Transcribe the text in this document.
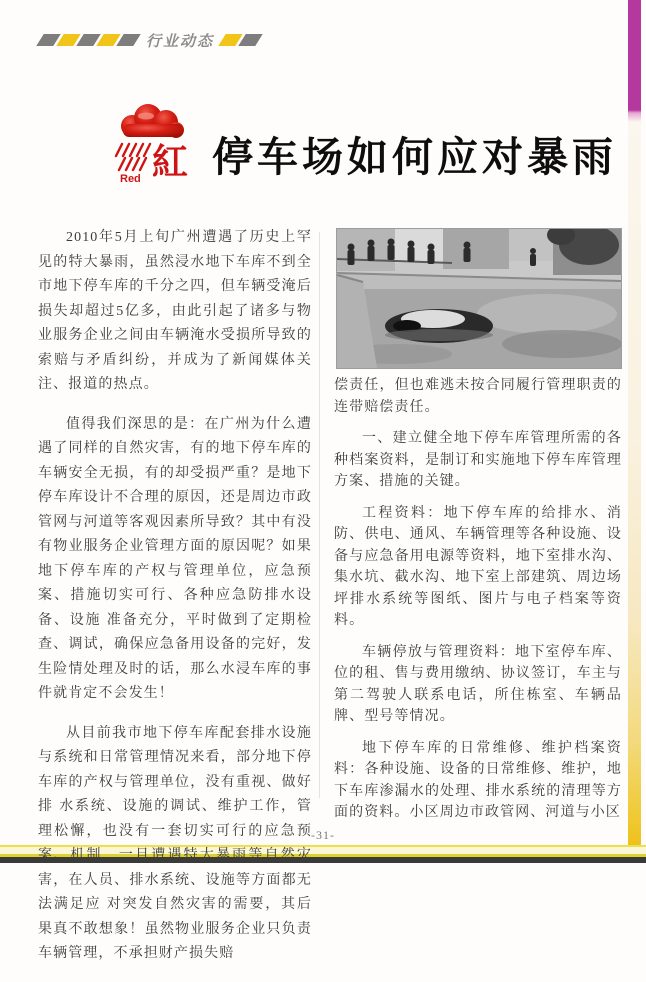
行业动态
紅
Red 停车场如何应对暴雨

2010年5月上旬广州遭遇了历史上罕见的特大暴雨，虽然浸水地下车库不到全市地下停车库的千分之四，但车辆受淹后损失却超过5亿多，由此引起了诸多与物业服务企业之间由车辆淹水受损所导致的索赔与矛盾纠纷，并成为了新闻媒体关注、报道的热点。

值得我们深思的是：在广州为什么遭遇了同样的自然灾害，有的地下停车库的车辆安全无损，有的却受损严重？是地下停车库设计不合理的原因，还是周边市政管网与河道等客观因素所导致？其中有没有物业服务企业管理方面的原因呢？如果地下停车库的产权与管理单位，应急预案、措施切实可行、各种应急防排水设备、设施 准备充分，平时做到了定期检查、调试，确保应急备用设备的完好，发生险情处理及时的话，那么水浸车库的事件就肯定不会发生！

从目前我市地下停车库配套排水设施与系统和日常管理情况来看，部分地下停车库的产权与管理单位，没有重视、做好排 水系统、设施的调试、维护工作，管理松懈，也没有一套切实可行的应急预案、机制，一旦遭遇特大暴雨等自然灾害，在人员、排水系统、设施等方面都无法满足应 对突发自然灾害的需要，其后果真不敢想象！虽然物业服务企业只负责车辆管理，不承担财产损失赔

偿责任，但也难逃未按合同履行管理职责的连带赔偿责任。

一、建立健全地下停车库管理所需的各种档案资料，是制订和实施地下停车库管理方案、措施的关键。

工程资料：地下停车库的给排水、消防、供电、通风、车辆管理等各种设施、设备与应急备用电源等资料，地下室排水沟、集水坑、截水沟、地下室上部建筑、周边场坪排水系统等图纸、图片与电子档案等资料。

车辆停放与管理资料：地下室停车库、位的租、售与费用缴纳、协议签订，车主与第二驾驶人联系电话，所住栋室、车辆品牌、型号等情况。

地下停车库的日常维修、维护档案资料：各种设施、设备的日常维修、维护，地下车库渗漏水的处理、排水系统的清理等方面的资料。小区周边市政管网、河道与小区

-31-
